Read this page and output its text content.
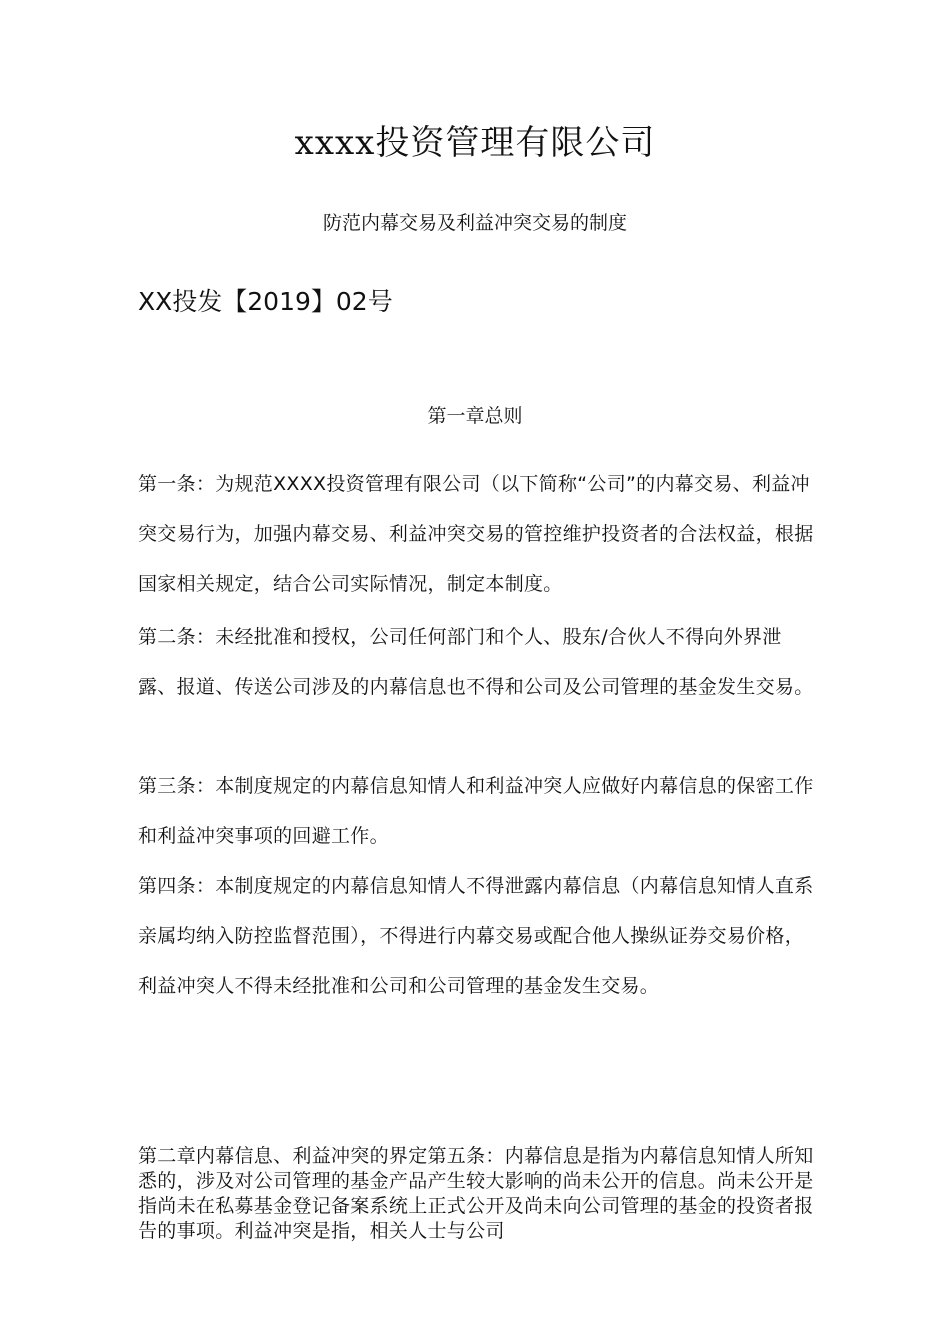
xxxx投资管理有限公司
防范内幕交易及利益冲突交易的制度
XX投发【2019】02号
第一章总则
第一条：为规范XXXX投资管理有限公司（以下简称“公司”的内幕交易、利益冲突交易行为，加强内幕交易、利益冲突交易的管控维护投资者的合法权益，根据国家相关规定，结合公司实际情况，制定本制度。
第二条：未经批准和授权，公司任何部门和个人、股东/合伙人不得向外界泄露、报道、传送公司涉及的内幕信息也不得和公司及公司管理的基金发生交易。
第三条：本制度规定的内幕信息知情人和利益冲突人应做好内幕信息的保密工作和利益冲突事项的回避工作。
第四条：本制度规定的内幕信息知情人不得泄露内幕信息（内幕信息知情人直系亲属均纳入防控监督范围），不得进行内幕交易或配合他人操纵证券交易价格，利益冲突人不得未经批准和公司和公司管理的基金发生交易。
第二章内幕信息、利益冲突的界定第五条：内幕信息是指为内幕信息知情人所知悉的，涉及对公司管理的基金产品产生较大影响的尚未公开的信息。尚未公开是指尚未在私募基金登记备案系统上正式公开及尚未向公司管理的基金的投资者报告的事项。利益冲突是指，相关人士与公司
